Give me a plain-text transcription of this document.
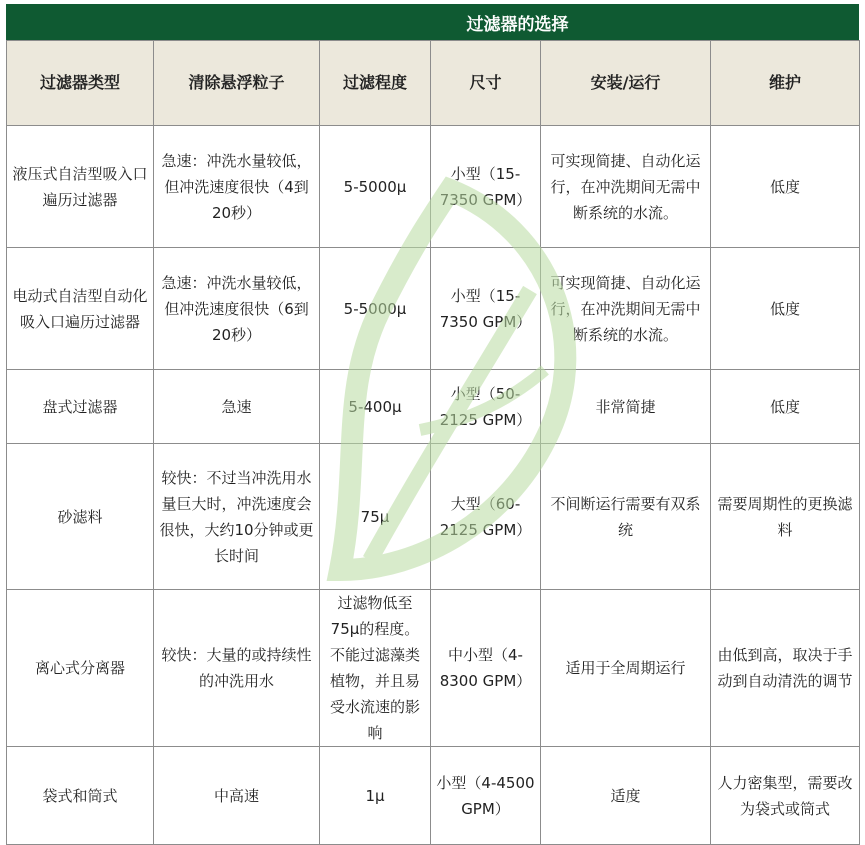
过滤器的选择
过滤器类型	清除悬浮粒子	过滤程度	尺寸	安装/运行	维护
液压式自洁型吸入口遍历过滤器	急速：冲洗水量较低，但冲洗速度很快（4到20秒）	5-5000μ	小型（15-7350 GPM）	可实现简捷、自动化运行，在冲洗期间无需中断系统的水流。	低度
电动式自洁型自动化吸入口遍历过滤器	急速：冲洗水量较低，但冲洗速度很快（6到20秒）	5-5000μ	小型（15-7350 GPM）	可实现简捷、自动化运行，在冲洗期间无需中断系统的水流。	低度
盘式过滤器	急速	5-400μ	小型（50-2125 GPM）	非常简捷	低度
砂滤料	较快：不过当冲洗用水量巨大时，冲洗速度会很快，大约10分钟或更长时间	75μ	大型（60-2125 GPM）	不间断运行需要有双系统	需要周期性的更换滤料
离心式分离器	较快：大量的或持续性的冲洗用水	过滤物低至75μ的程度。不能过滤藻类植物，并且易受水流速的影响	中小型（4-8300 GPM）	适用于全周期运行	由低到高，取决于手动到自动清洗的调节
袋式和筒式	中高速	1μ	小型（4-4500 GPM）	适度	人力密集型，需要改为袋式或筒式
